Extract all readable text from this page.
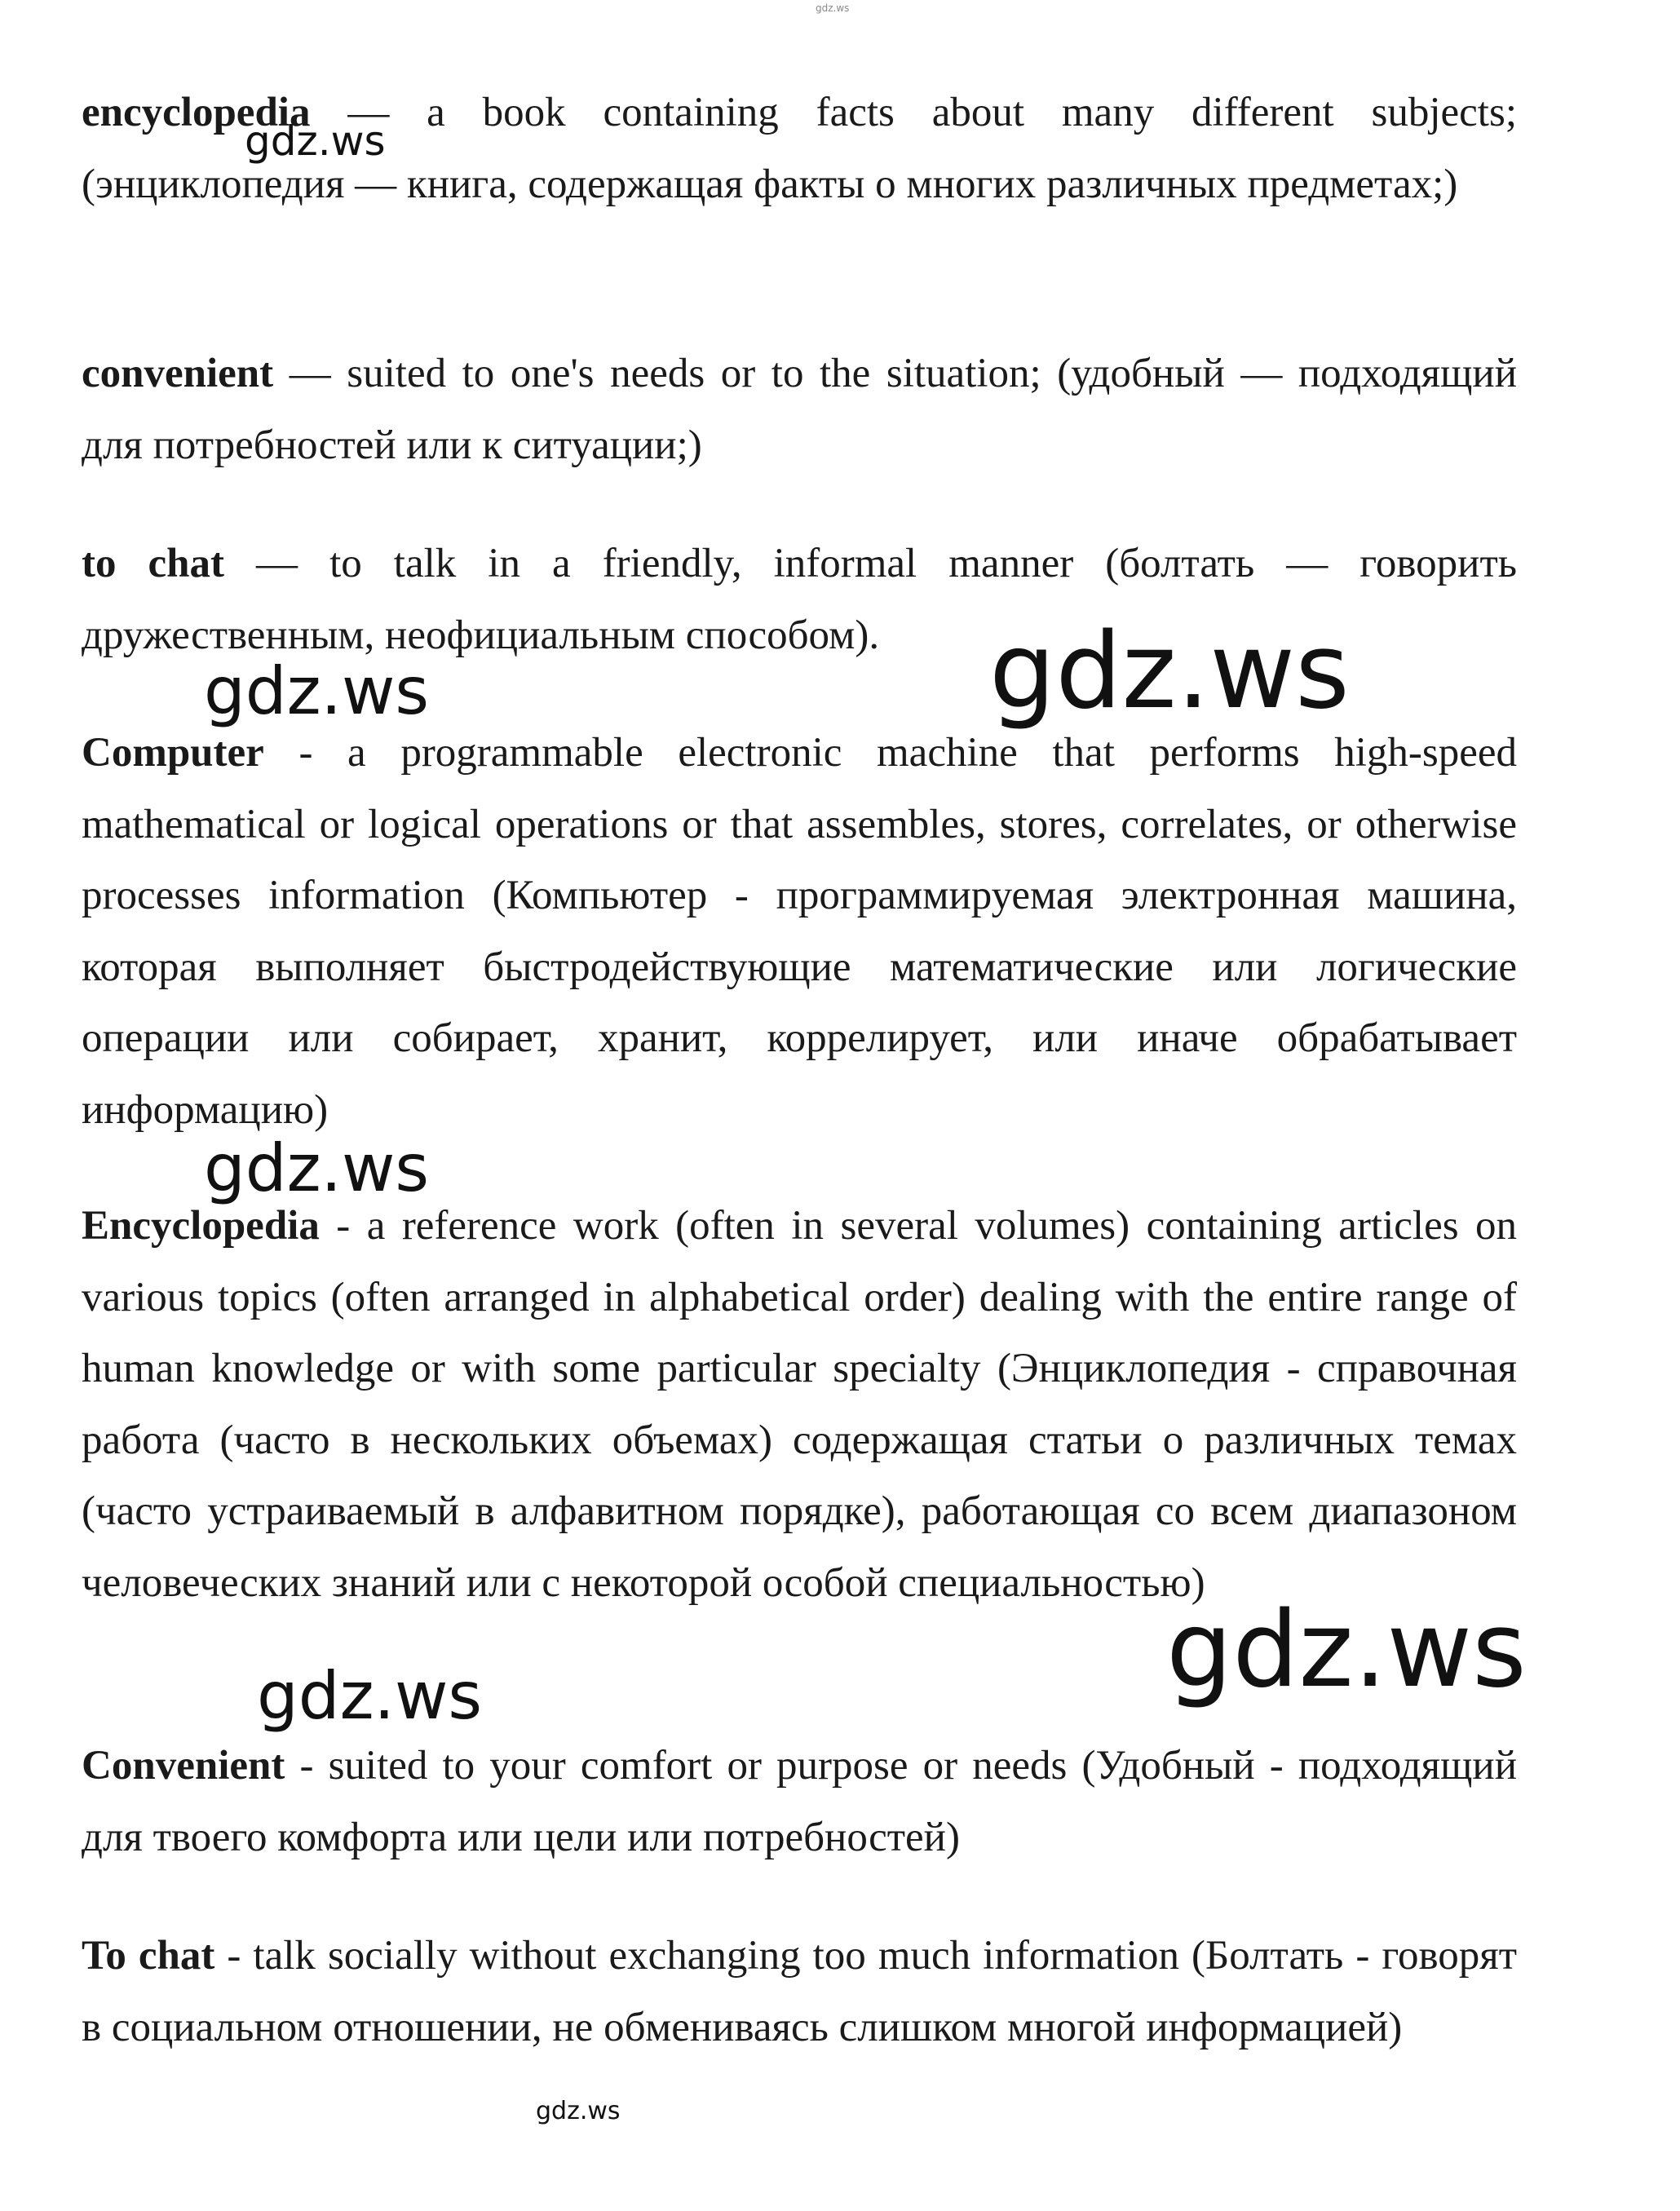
encyclopedia — a book containing facts about many different subjects; (энциклопедия — книга, содержащая факты о многих различных предметах;)

convenient — suited to one's needs or to the situation; (удобный — подходящий для потребностей или к ситуации;)

to chat — to talk in a friendly, informal manner (болтать — говорить дружественным, неофициальным способом).

Computer - a programmable electronic machine that performs high-speed mathematical or logical operations or that assembles, stores, correlates, or otherwise processes information (Компьютер - программируемая электронная машина, которая выполняет быстродействующие математические или логические операции или собирает, хранит, коррелирует, или иначе обрабатывает информацию)

Encyclopedia - a reference work (often in several volumes) containing articles on various topics (often arranged in alphabetical order) dealing with the entire range of human knowledge or with some particular specialty (Энциклопедия - справочная работа (часто в нескольких объемах) содержащая статьи о различных темах (часто устраиваемый в алфавитном порядке), работающая со всем диапазоном человеческих знаний или с некоторой особой специальностью)

Convenient - suited to your comfort or purpose or needs (Удобный - подходящий для твоего комфорта или цели или потребностей)

To chat - talk socially without exchanging too much information (Болтать - говорят в социальном отношении, не обмениваясь слишком многой информацией)

gdz.ws
gdz.ws
gdz.ws	gdz.ws
gdz.ws
gdz.ws
gdz.ws
gdz.ws
